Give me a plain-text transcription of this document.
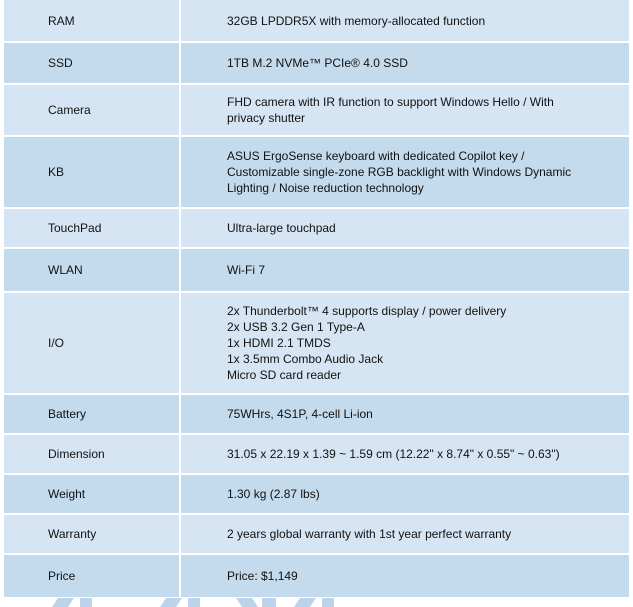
RAM	32GB LPDDR5X with memory-allocated function

SSD	1TB M.2 NVMe™ PCIe® 4.0 SSD

Camera	FHD camera with IR function to support Windows Hello / With
privacy shutter

KB	ASUS ErgoSense keyboard with dedicated Copilot key /
Customizable single-zone RGB backlight with Windows Dynamic
Lighting / Noise reduction technology

TouchPad	Ultra-large touchpad

WLAN	Wi-Fi 7

I/O	2x Thunderbolt™ 4 supports display / power delivery
2x USB 3.2 Gen 1 Type-A
1x HDMI 2.1 TMDS
1x 3.5mm Combo Audio Jack
Micro SD card reader

Battery	75WHrs, 4S1P, 4-cell Li-ion

Dimension	31.05 x 22.19 x 1.39 ~ 1.59 cm (12.22" x 8.74" x 0.55" ~ 0.63")

Weight	1.30 kg (2.87 lbs)

Warranty	2 years global warranty with 1st year perfect warranty

Price	Price: $1,149
